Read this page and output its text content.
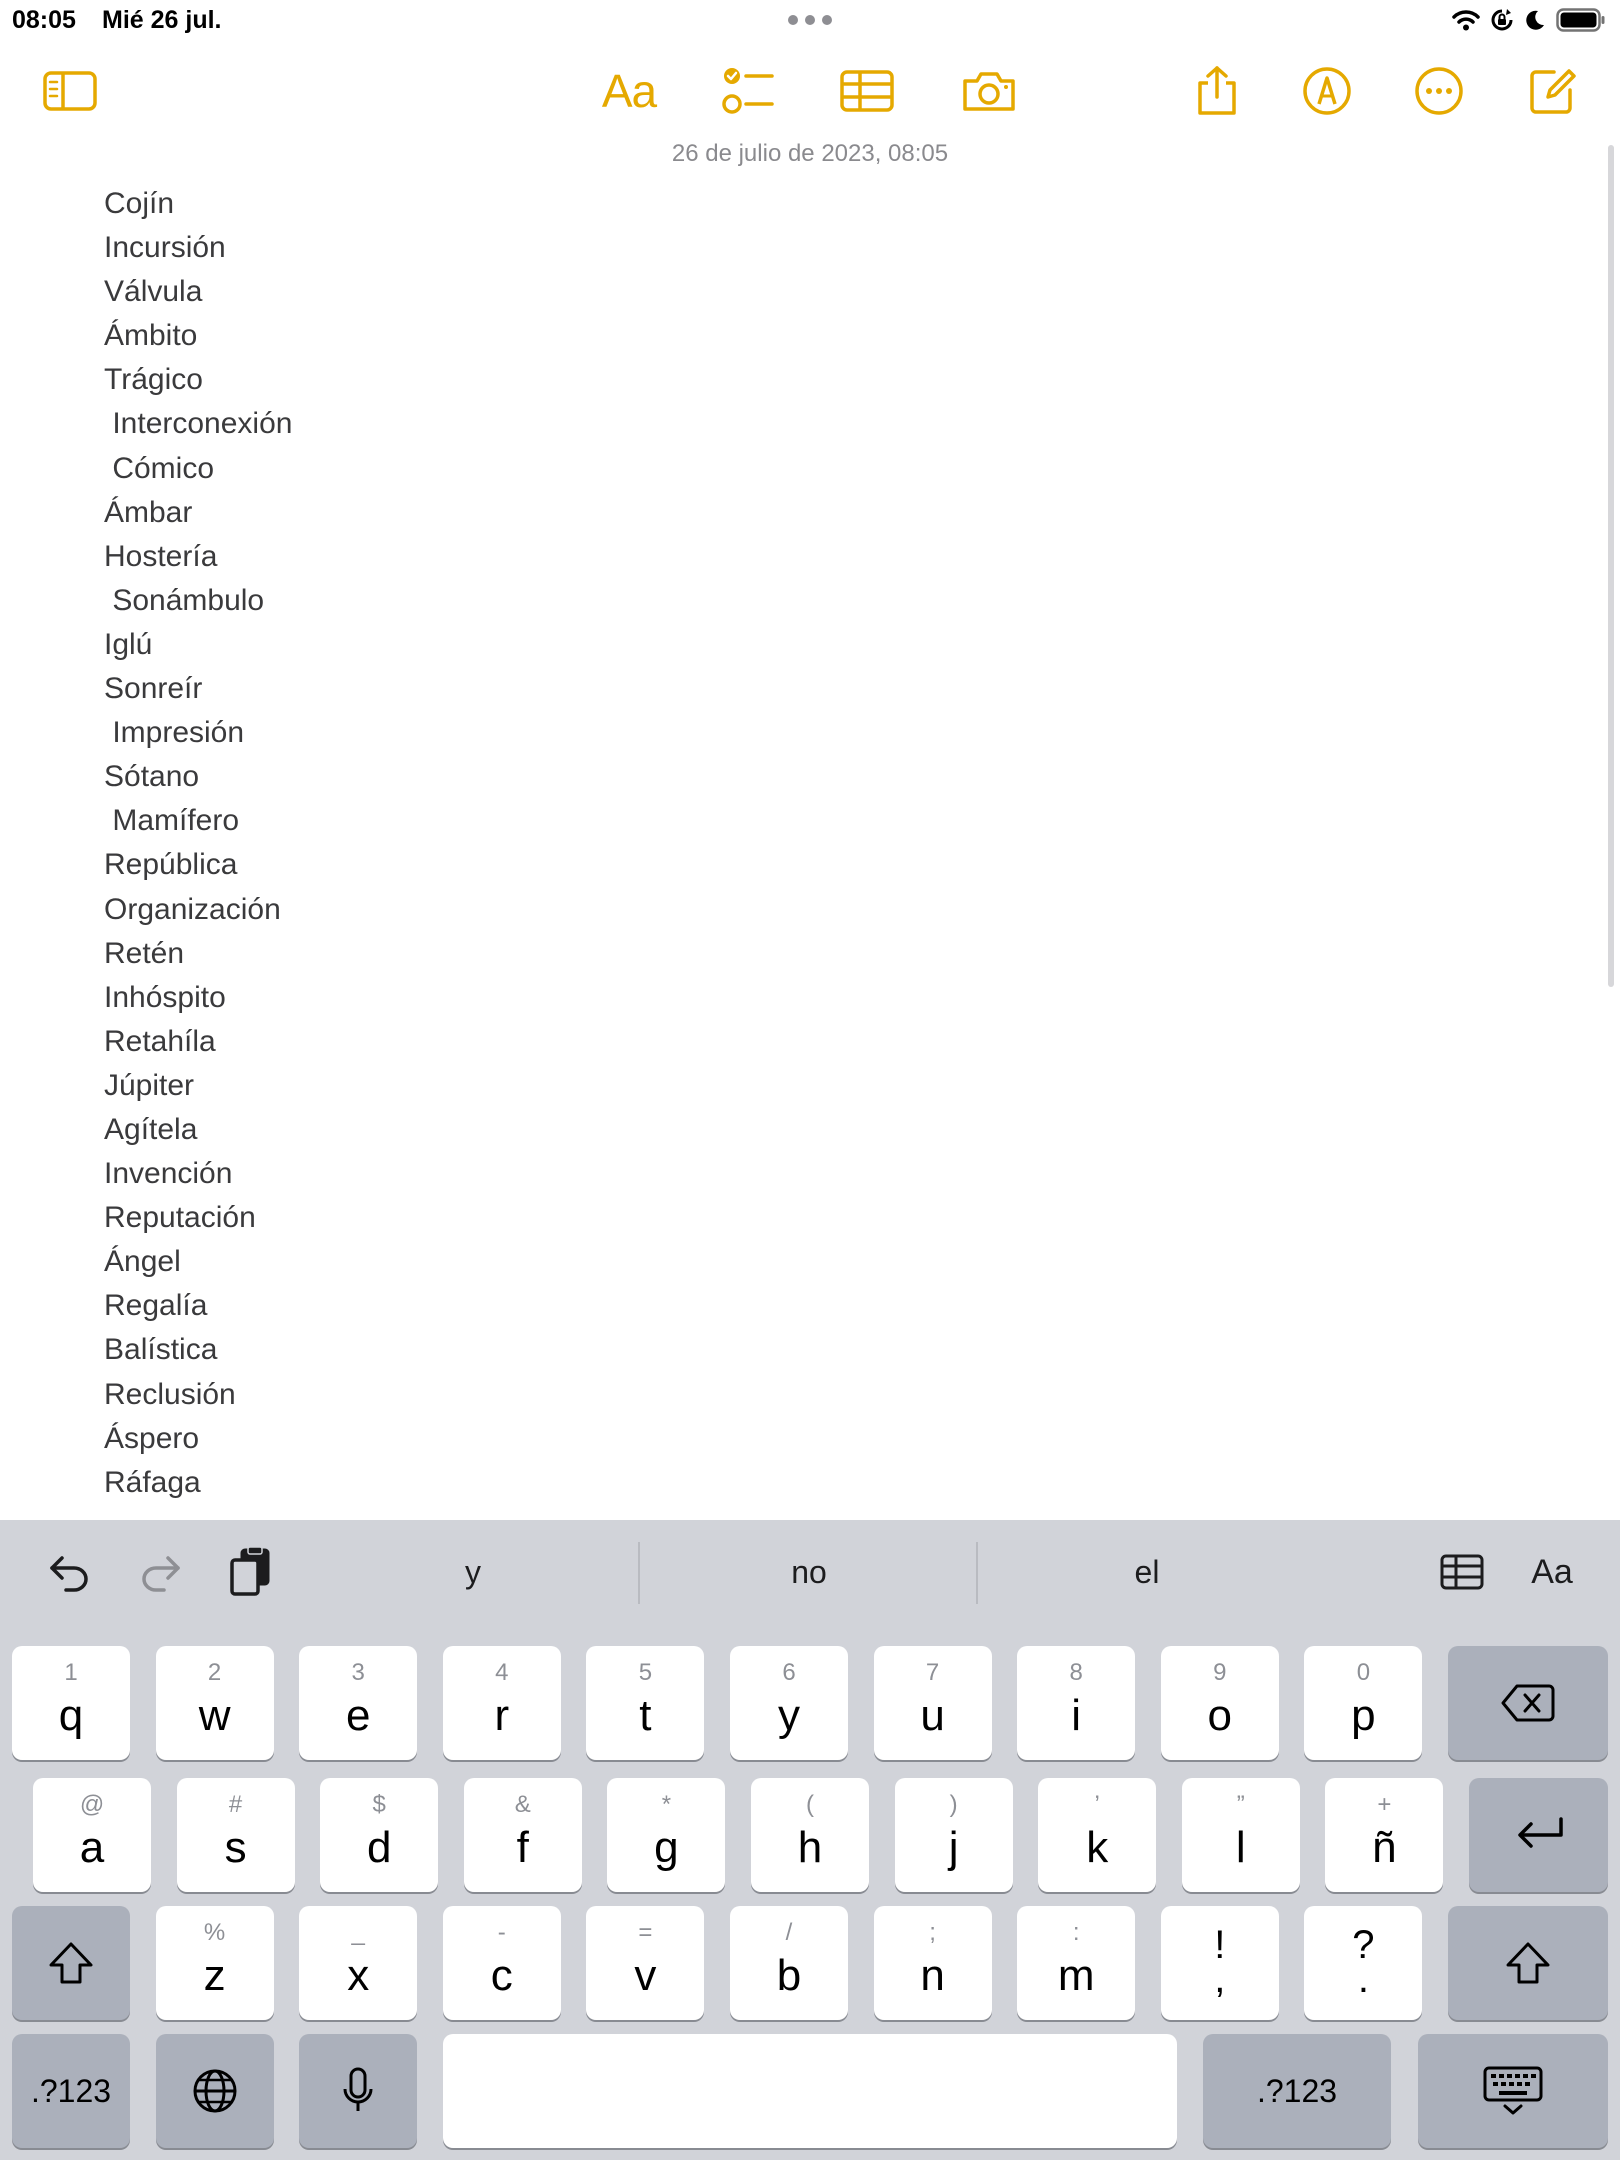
08:05 Mié 26 jul.
Aa
26 de julio de 2023, 08:05
Cojín
Incursión
Válvula
Ámbito
Trágico
Interconexión
Cómico
Ámbar
Hostería
Sonámbulo
Iglú
Sonreír
Impresión
Sótano
Mamífero
República
Organización
Retén
Inhóspito
Retahíla
Júpiter
Agítela
Invención
Reputación
Ángel
Regalía
Balística
Reclusión
Áspero
Ráfaga
y	no	el	Aa
1
q
2
w
3
e
4
r
5
t
6
y
7
u
8
i
9
o
0
p
@
a
#
s
$
d
&
f
*
g
(
h
)
j
’
k
”
l
+
ñ
%
z
_
x
-
c
=
v
/
b
;
n
:
m
!
,
?
.
.?123	.?123
